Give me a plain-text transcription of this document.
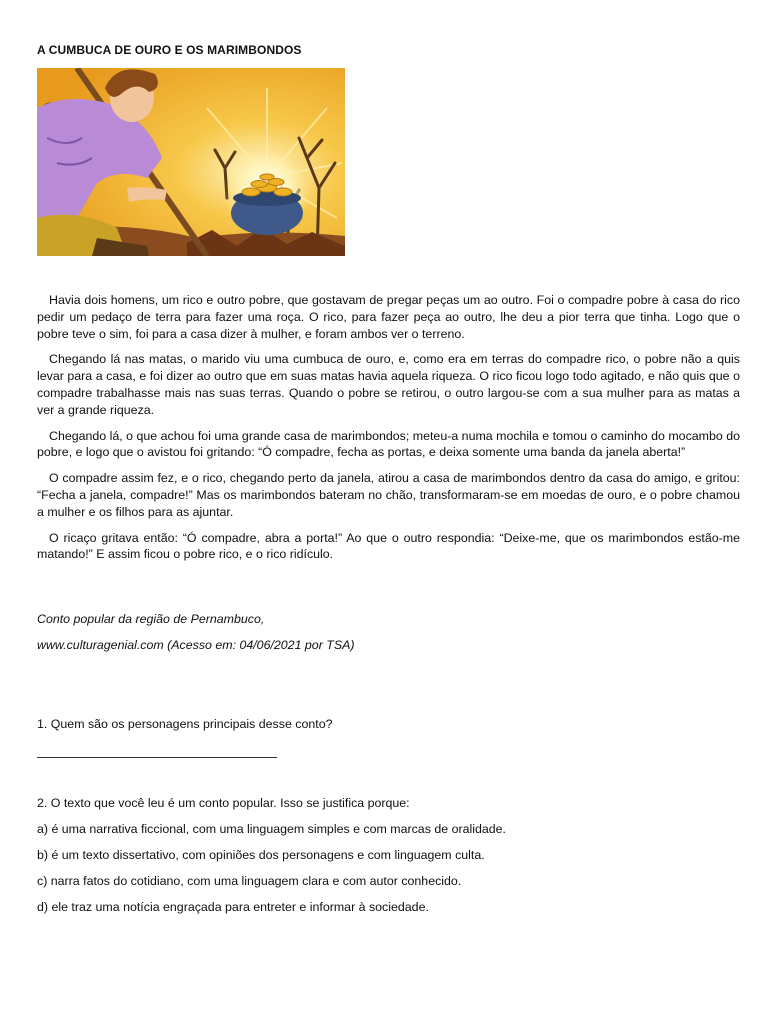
A CUMBUCA DE OURO E OS MARIMBONDOS

Havia dois homens, um rico e outro pobre, que gostavam de pregar peças um ao outro. Foi o compadre pobre à casa do rico pedir um pedaço de terra para fazer uma roça. O rico, para fazer peça ao outro, lhe deu a pior terra que tinha. Logo que o pobre teve o sim, foi para a casa dizer à mulher, e foram ambos ver o terreno.

Chegando lá nas matas, o marido viu uma cumbuca de ouro, e, como era em terras do compadre rico, o pobre não a quis levar para a casa, e foi dizer ao outro que em suas matas havia aquela riqueza. O rico ficou logo todo agitado, e não quis que o compadre trabalhasse mais nas suas terras. Quando o pobre se retirou, o outro largou-se com a sua mulher para as matas a ver a grande riqueza.

Chegando lá, o que achou foi uma grande casa de marimbondos; meteu-a numa mochila e tomou o caminho do mocambo do pobre, e logo que o avistou foi gritando: “Ó compadre, fecha as portas, e deixa somente uma banda da janela aberta!”

O compadre assim fez, e o rico, chegando perto da janela, atirou a casa de marimbondos dentro da casa do amigo, e gritou: “Fecha a janela, compadre!” Mas os marimbondos bateram no chão, transformaram-se em moedas de ouro, e o pobre chamou a mulher e os filhos para as ajuntar.

O ricaço gritava então: “Ó compadre, abra a porta!” Ao que o outro respondia: “Deixe-me, que os marimbondos estão-me matando!” E assim ficou o pobre rico, e o rico ridículo.

Conto popular da região de Pernambuco,
www.culturagenial.com (Acesso em: 04/06/2021 por TSA)
1. Quem são os personagens principais desse conto?
2. O texto que você leu é um conto popular. Isso se justifica porque:
a) é uma narrativa ficcional, com uma linguagem simples e com marcas de oralidade.
b) é um texto dissertativo, com opiniões dos personagens e com linguagem culta.
c) narra fatos do cotidiano, com uma linguagem clara e com autor conhecido.
d) ele traz uma notícia engraçada para entreter e informar à sociedade.
